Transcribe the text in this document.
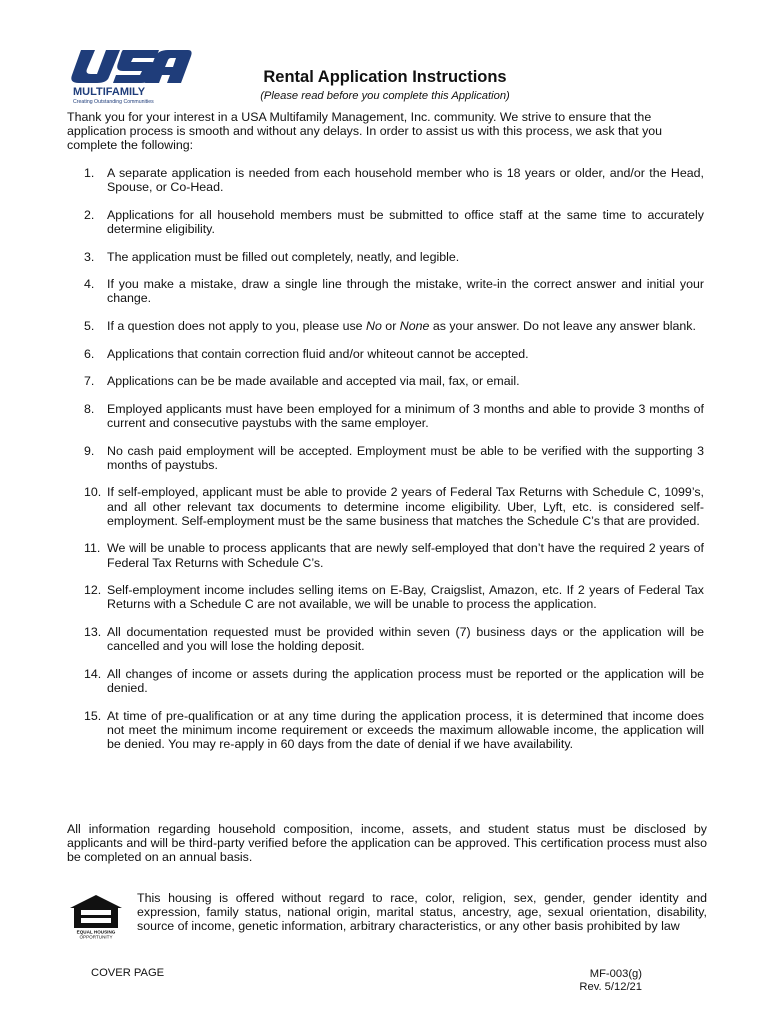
MULTIFAMILY
Creating Outstanding Communities
Rental Application Instructions
(Please read before you complete this Application)
Thank you for your interest in a USA Multifamily Management, Inc. community. We strive to ensure that the application process is smooth and without any delays. In order to assist us with this process, we ask that you complete the following:
1. A separate application is needed from each household member who is 18 years or older, and/or the Head, Spouse, or Co-Head.
2. Applications for all household members must be submitted to office staff at the same time to accurately determine eligibility.
3. The application must be filled out completely, neatly, and legible.
4. If you make a mistake, draw a single line through the mistake, write-in the correct answer and initial your change.
5. If a question does not apply to you, please use No or None as your answer. Do not leave any answer blank.
6. Applications that contain correction fluid and/or whiteout cannot be accepted.
7. Applications can be be made available and accepted via mail, fax, or email.
8. Employed applicants must have been employed for a minimum of 3 months and able to provide 3 months of current and consecutive paystubs with the same employer.
9. No cash paid employment will be accepted. Employment must be able to be verified with the supporting 3 months of paystubs.
10. If self-employed, applicant must be able to provide 2 years of Federal Tax Returns with Schedule C, 1099’s, and all other relevant tax documents to determine income eligibility. Uber, Lyft, etc. is considered self-employment. Self-employment must be the same business that matches the Schedule C’s that are provided.
11. We will be unable to process applicants that are newly self-employed that don’t have the required 2 years of Federal Tax Returns with Schedule C’s.
12. Self-employment income includes selling items on E-Bay, Craigslist, Amazon, etc. If 2 years of Federal Tax Returns with a Schedule C are not available, we will be unable to process the application.
13. All documentation requested must be provided within seven (7) business days or the application will be cancelled and you will lose the holding deposit.
14. All changes of income or assets during the application process must be reported or the application will be denied.
15. At time of pre-qualification or at any time during the application process, it is determined that income does not meet the minimum income requirement or exceeds the maximum allowable income, the application will be denied. You may re-apply in 60 days from the date of denial if we have availability.
All information regarding household composition, income, assets, and student status must be disclosed by applicants and will be third-party verified before the application can be approved. This certification process must also be completed on an annual basis.
EQUAL HOUSING
OPPORTUNITY
This housing is offered without regard to race, color, religion, sex, gender, gender identity and expression, family status, national origin, marital status, ancestry, age, sexual orientation, disability, source of income, genetic information, arbitrary characteristics, or any other basis prohibited by law
COVER PAGE	MF-003(g)
Rev. 5/12/21
